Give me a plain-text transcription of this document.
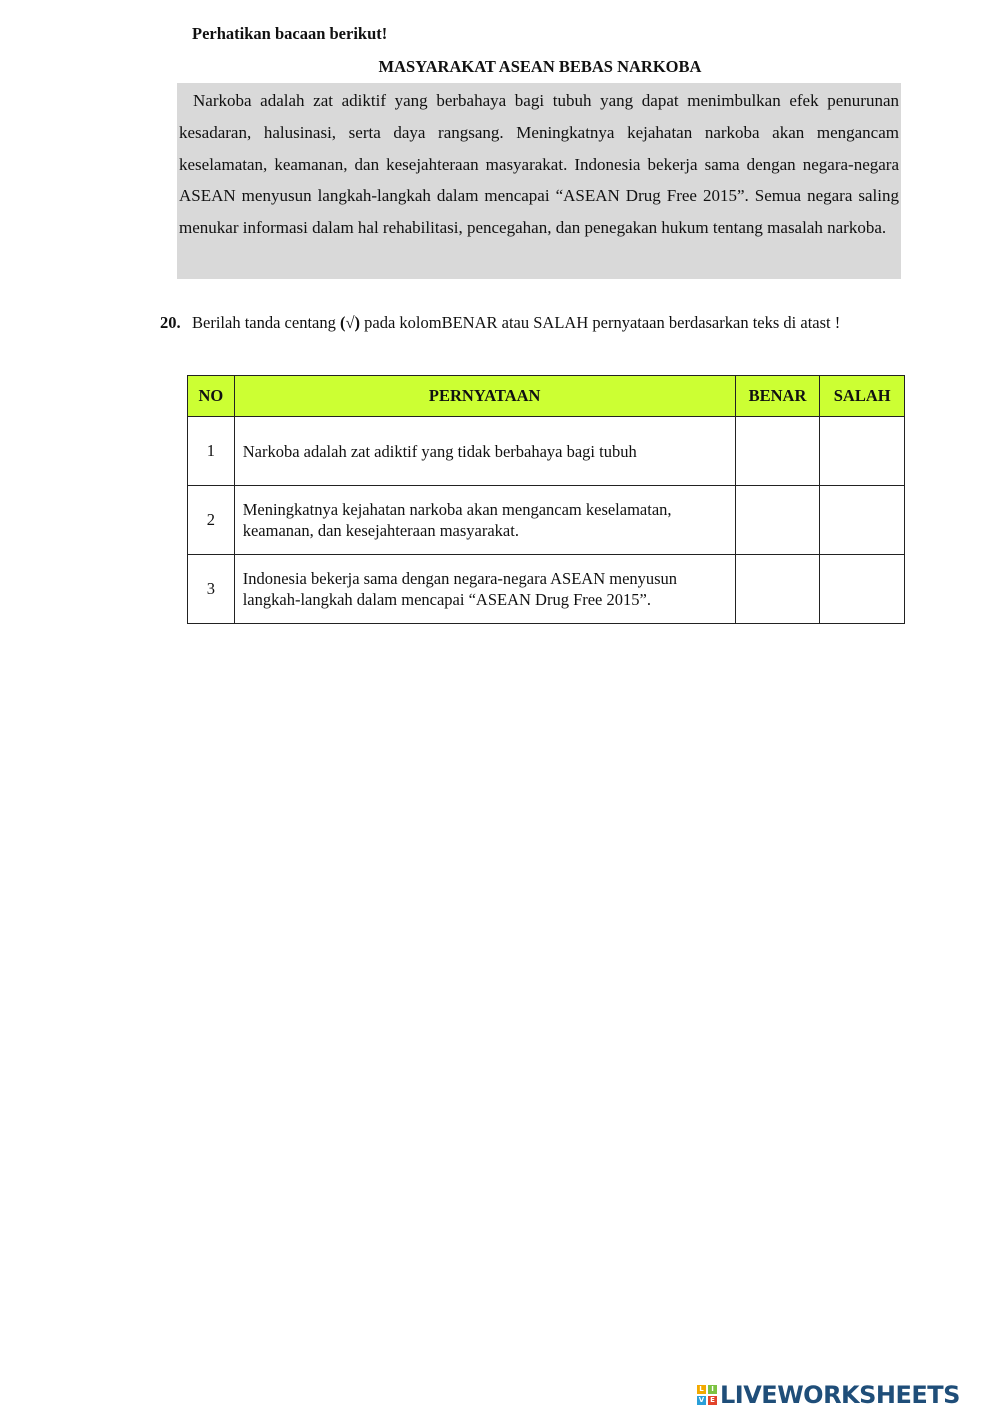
Perhatikan bacaan berikut!

MASYARAKAT ASEAN BEBAS NARKOBA

Narkoba adalah zat adiktif yang berbahaya bagi tubuh yang dapat menimbulkan efek penurunan kesadaran, halusinasi, serta daya rangsang. Meningkatnya kejahatan narkoba akan mengancam keselamatan, keamanan, dan kesejahteraan masyarakat. Indonesia bekerja sama dengan negara-negara ASEAN menyusun langkah-langkah dalam mencapai “ASEAN Drug Free 2015”. Semua negara saling menukar informasi dalam hal rehabilitasi, pencegahan, dan penegakan hukum tentang masalah narkoba.

20. Berilah tanda centang (√) pada kolomBENAR atau SALAH pernyataan berdasarkan teks di atast !
NO	PERNYATAAN	BENAR	SALAH
1	Narkoba adalah zat adiktif yang tidak berbahaya bagi tubuh		
2	Meningkatnya kejahatan narkoba akan mengancam keselamatan, keamanan, dan kesejahteraan masyarakat.		
3	Indonesia bekerja sama dengan negara-negara ASEAN menyusun langkah-langkah dalam mencapai “ASEAN Drug Free 2015”.		
L	I
V E LIVEWORKSHEETS
